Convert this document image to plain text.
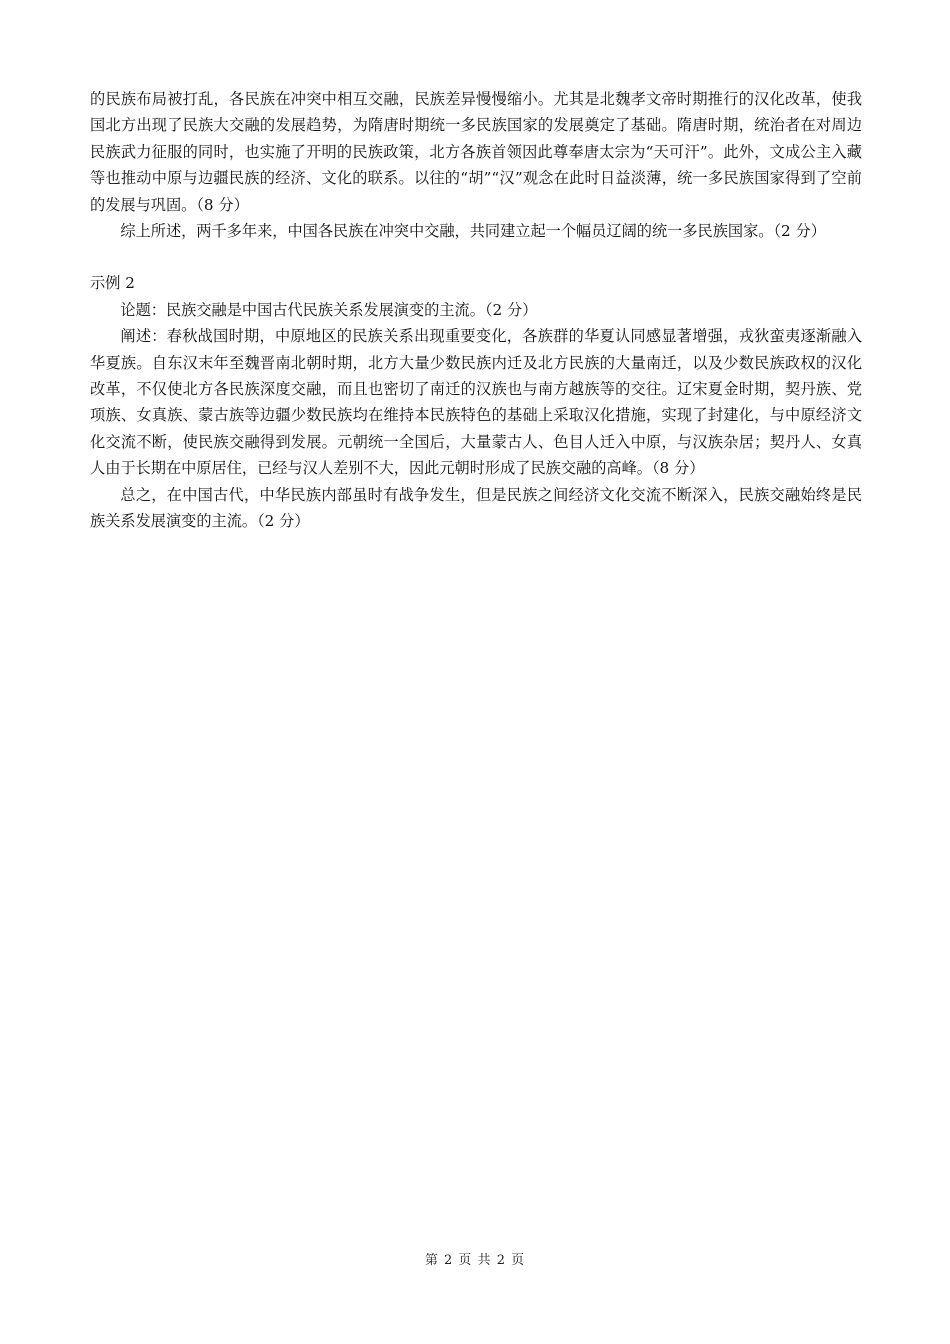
的民族布局被打乱，各民族在冲突中相互交融，民族差异慢慢缩小。尤其是北魏孝文帝时期推行的汉化改革，使我国北方出现了民族大交融的发展趋势，为隋唐时期统一多民族国家的发展奠定了基础。隋唐时期，统治者在对周边民族武力征服的同时，也实施了开明的民族政策，北方各族首领因此尊奉唐太宗为“天可汗”。此外，文成公主入藏等也推动中原与边疆民族的经济、文化的联系。以往的“胡”“汉”观念在此时日益淡薄，统一多民族国家得到了空前的发展与巩固。（8 分）

综上所述，两千多年来，中国各民族在冲突中交融，共同建立起一个幅员辽阔的统一多民族国家。（2 分）

示例 2

论题：民族交融是中国古代民族关系发展演变的主流。（2 分）

阐述：春秋战国时期，中原地区的民族关系出现重要变化，各族群的华夏认同感显著增强，戎狄蛮夷逐渐融入华夏族。自东汉末年至魏晋南北朝时期，北方大量少数民族内迁及北方民族的大量南迁，以及少数民族政权的汉化改革，不仅使北方各民族深度交融，而且也密切了南迁的汉族也与南方越族等的交往。辽宋夏金时期，契丹族、党项族、女真族、蒙古族等边疆少数民族均在维持本民族特色的基础上采取汉化措施，实现了封建化，与中原经济文化交流不断，使民族交融得到发展。元朝统一全国后，大量蒙古人、色目人迁入中原，与汉族杂居；契丹人、女真人由于长期在中原居住，已经与汉人差别不大，因此元朝时形成了民族交融的高峰。（8 分）

总之，在中国古代，中华民族内部虽时有战争发生，但是民族之间经济文化交流不断深入，民族交融始终是民族关系发展演变的主流。（2 分）

第 2 页 共 2 页
